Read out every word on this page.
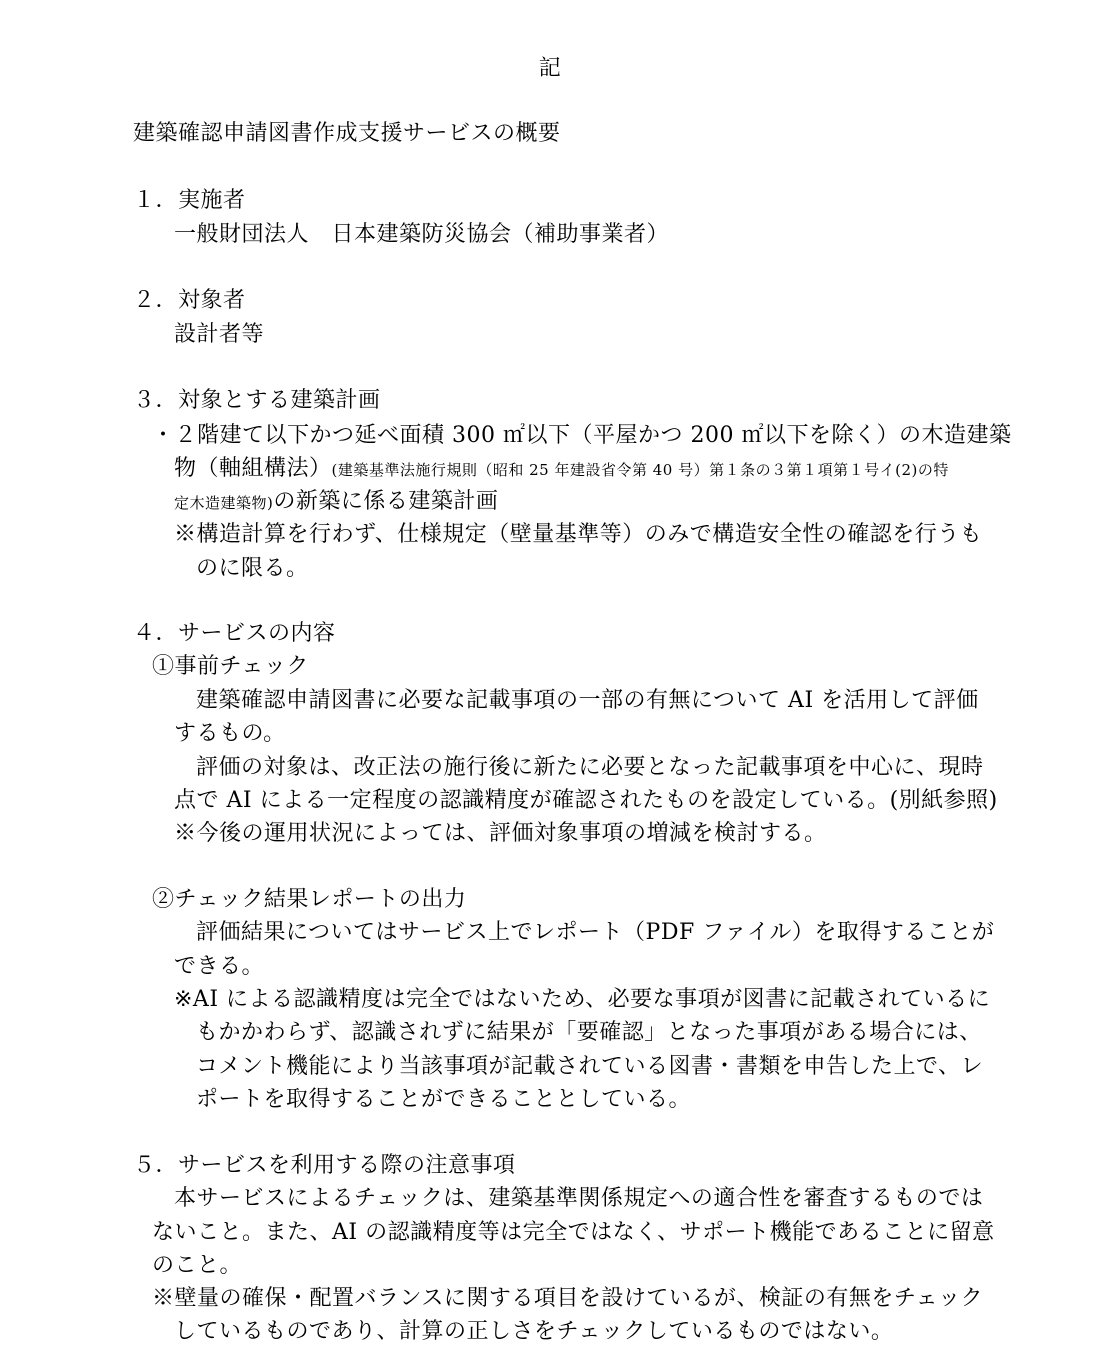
記
建築確認申請図書作成支援サービスの概要
１．実施者
一般財団法人　日本建築防災協会（補助事業者）
２．対象者
設計者等
３．対象とする建築計画
・２階建て以下かつ延べ面積 300 ㎡以下（平屋かつ 200 ㎡以下を除く）の木造建築
物（軸組構法）(建築基準法施行規則（昭和 25 年建設省令第 40 号）第１条の３第１項第１号イ(2)の特
定木造建築物)の新築に係る建築計画
※構造計算を行わず、仕様規定（壁量基準等）のみで構造安全性の確認を行うも
のに限る。
４．サービスの内容
①事前チェック
建築確認申請図書に必要な記載事項の一部の有無について AI を活用して評価
するもの。
評価の対象は、改正法の施行後に新たに必要となった記載事項を中心に、現時
点で AI による一定程度の認識精度が確認されたものを設定している。(別紙参照)
※今後の運用状況によっては、評価対象事項の増減を検討する。
②チェック結果レポートの出力
評価結果についてはサービス上でレポート（PDF ファイル）を取得することが
できる。
※AI による認識精度は完全ではないため、必要な事項が図書に記載されているに
もかかわらず、認識されずに結果が「要確認」となった事項がある場合には、
コメント機能により当該事項が記載されている図書・書類を申告した上で、レ
ポートを取得することができることとしている。
５．サービスを利用する際の注意事項
本サービスによるチェックは、建築基準関係規定への適合性を審査するものでは
ないこと。また、AI の認識精度等は完全ではなく、サポート機能であることに留意
のこと。
※壁量の確保・配置バランスに関する項目を設けているが、検証の有無をチェック
しているものであり、計算の正しさをチェックしているものではない。
